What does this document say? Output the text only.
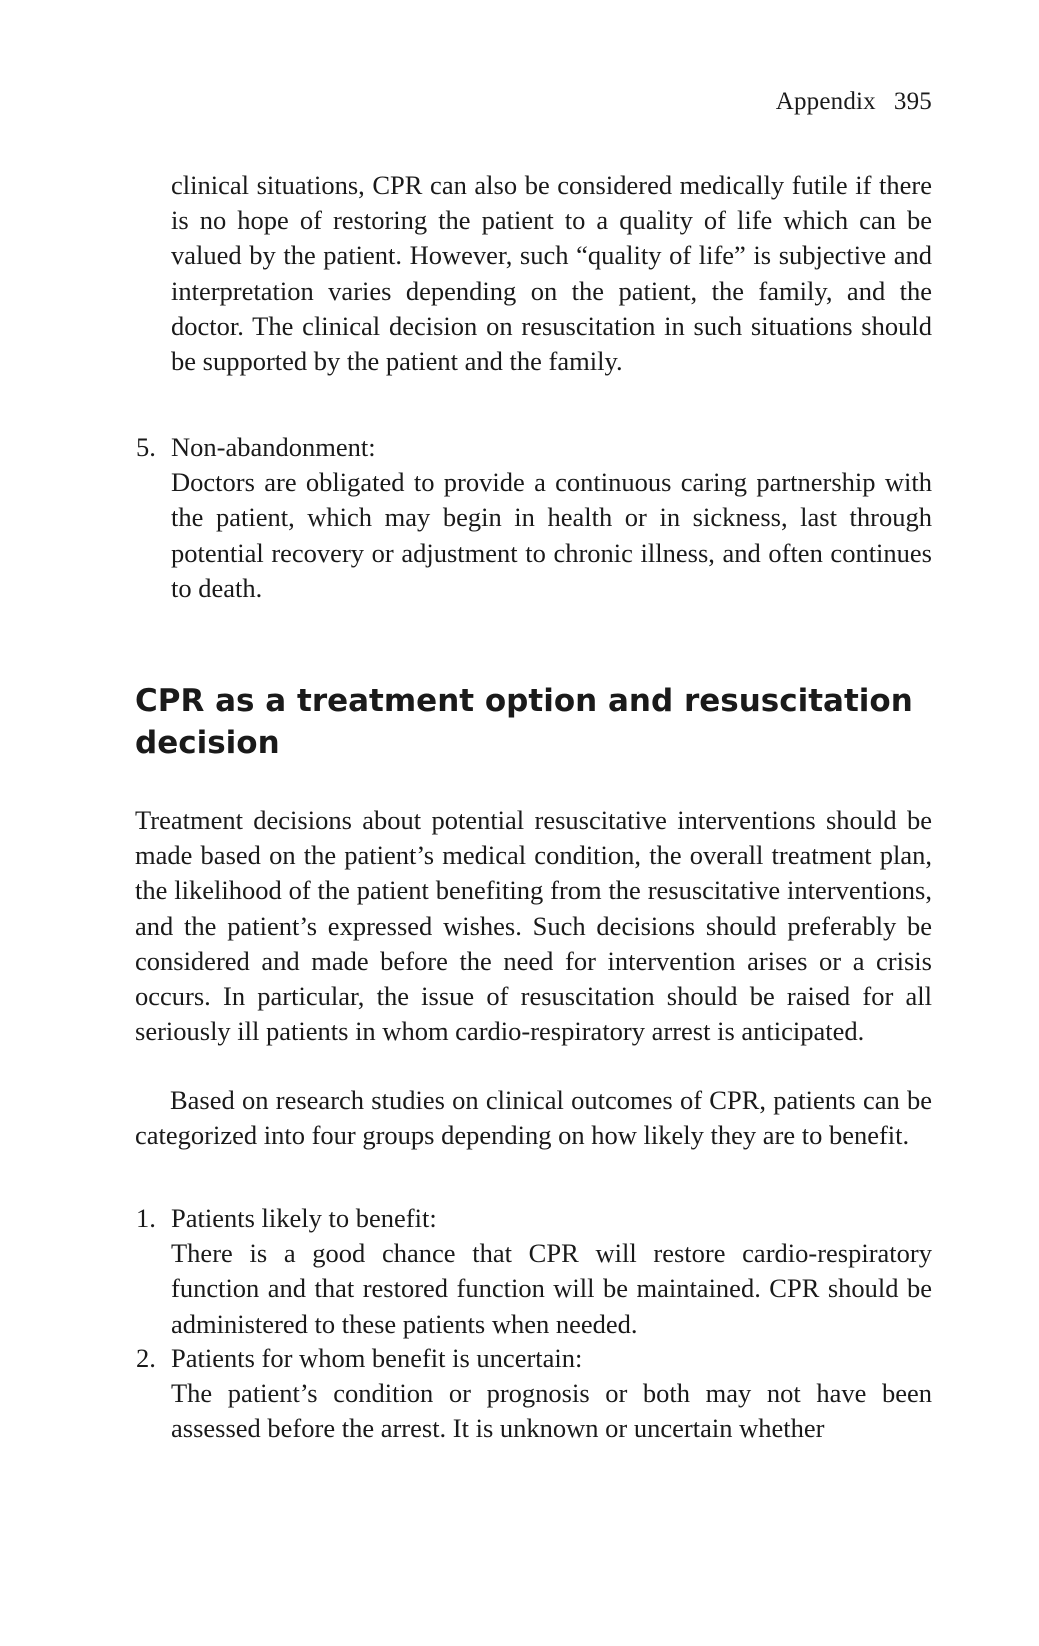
Appendix 395

clinical situations, CPR can also be considered medically futile if there is no hope of restoring the patient to a quality of life which can be valued by the patient. However, such “quality of life” is subjective and interpretation varies depending on the patient, the family, and the doctor. The clinical decision on resuscitation in such situations should be supported by the patient and the family.

5. Non-abandonment:

Doctors are obligated to provide a continuous caring partnership with the patient, which may begin in health or in sickness, last through potential recovery or adjustment to chronic illness, and often continues to death.

CPR as a treatment option and resuscitation decision

Treatment decisions about potential resuscitative interventions should be made based on the patient’s medical condition, the overall treatment plan, the likelihood of the patient benefiting from the resuscitative interventions, and the patient’s expressed wishes. Such decisions should preferably be considered and made before the need for intervention arises or a crisis occurs. In particular, the issue of resuscitation should be raised for all seriously ill patients in whom cardio-respiratory arrest is anticipated.

Based on research studies on clinical outcomes of CPR, patients can be categorized into four groups depending on how likely they are to benefit.

1. Patients likely to benefit:

There is a good chance that CPR will restore cardio-respiratory function and that restored function will be maintained. CPR should be administered to these patients when needed.

2. Patients for whom benefit is uncertain:

The patient’s condition or prognosis or both may not have been assessed before the arrest. It is unknown or uncertain whether
